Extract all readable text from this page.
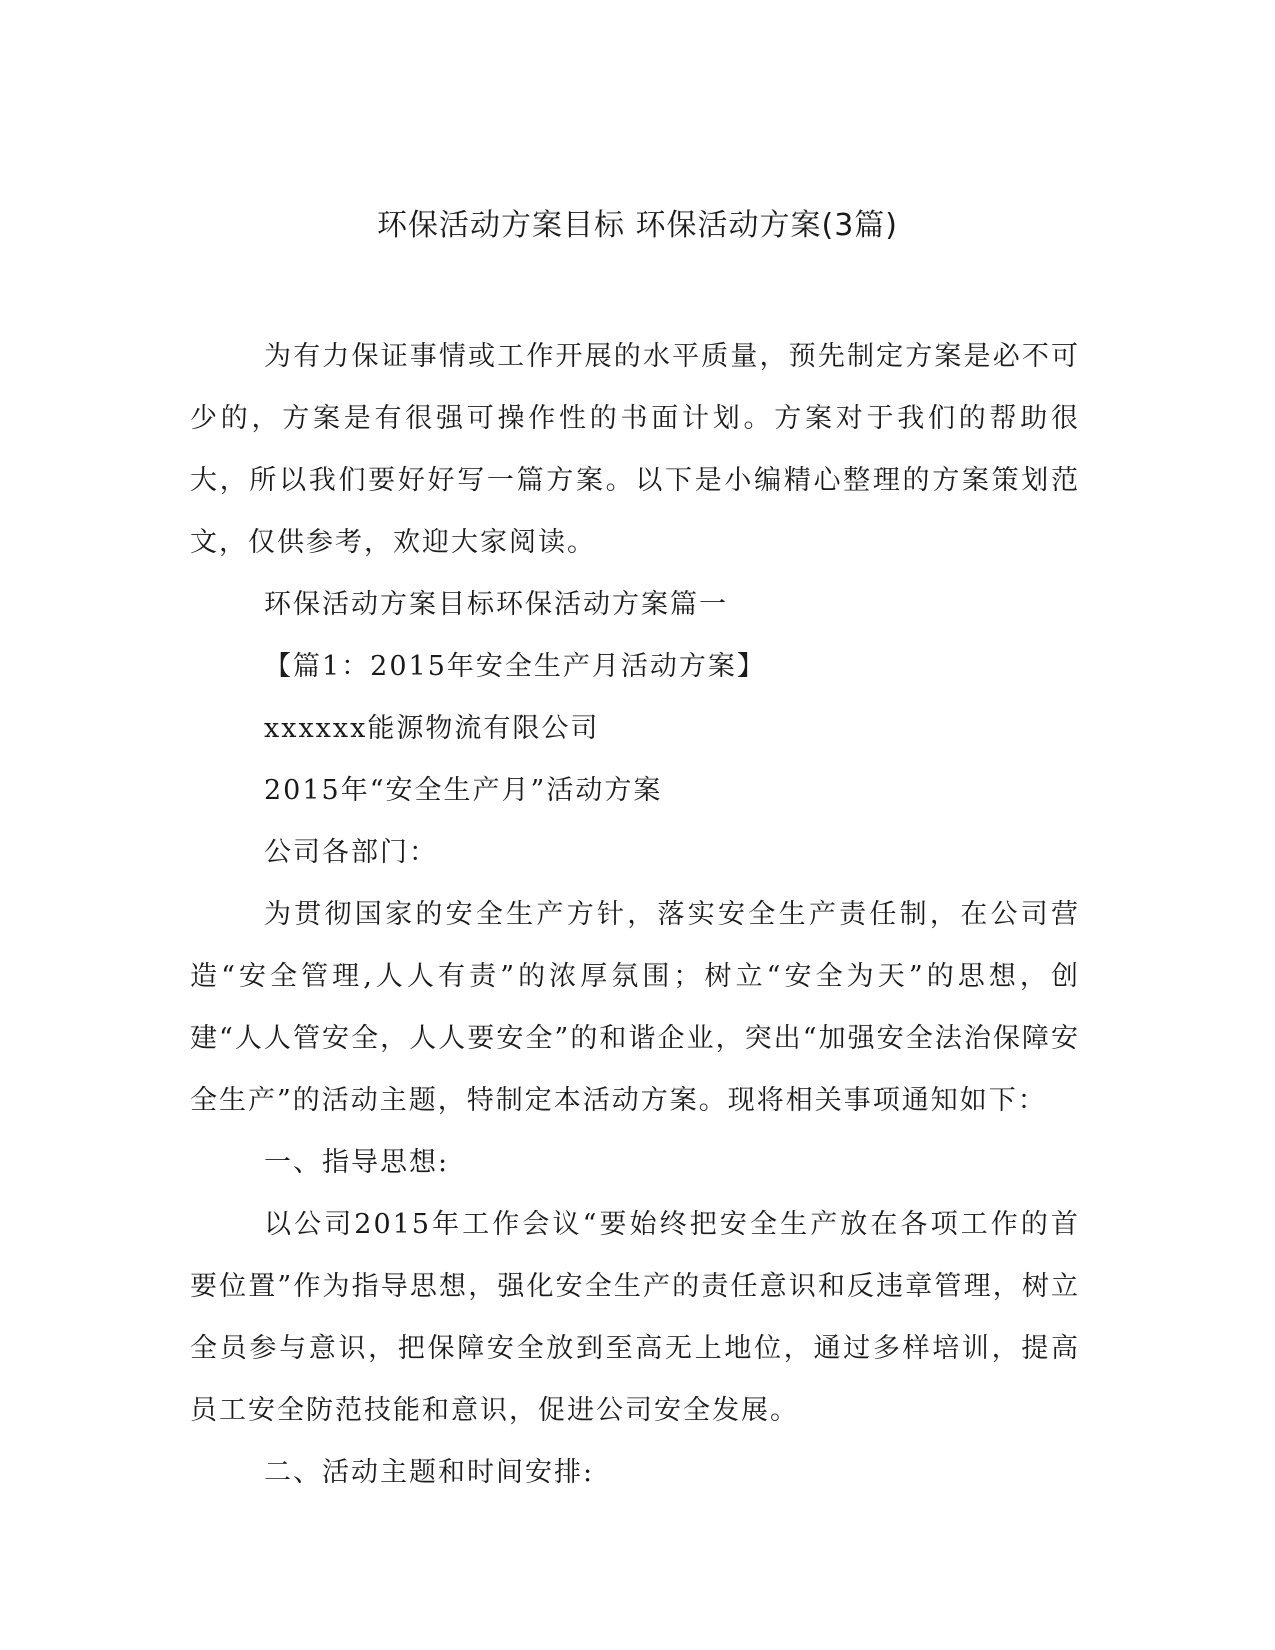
环保活动方案目标 环保活动方案(3篇)

为有力保证事情或工作开展的水平质量，预先制定方案是必不可少的，方案是有很强可操作性的书面计划。方案对于我们的帮助很大，所以我们要好好写一篇方案。以下是小编精心整理的方案策划范文，仅供参考，欢迎大家阅读。

环保活动方案目标环保活动方案篇一

【篇1：2015年安全生产月活动方案】

xxxxxx能源物流有限公司

2015年“安全生产月”活动方案

公司各部门：

为贯彻国家的安全生产方针，落实安全生产责任制，在公司营造“安全管理,人人有责”的浓厚氛围；树立“安全为天”的思想，创建“人人管安全，人人要安全”的和谐企业，突出“加强安全法治保障安全生产”的活动主题，特制定本活动方案。现将相关事项通知如下：

一、指导思想:

以公司2015年工作会议“要始终把安全生产放在各项工作的首要位置”作为指导思想，强化安全生产的责任意识和反违章管理，树立全员参与意识，把保障安全放到至高无上地位，通过多样培训，提高员工安全防范技能和意识，促进公司安全发展。

二、活动主题和时间安排:
